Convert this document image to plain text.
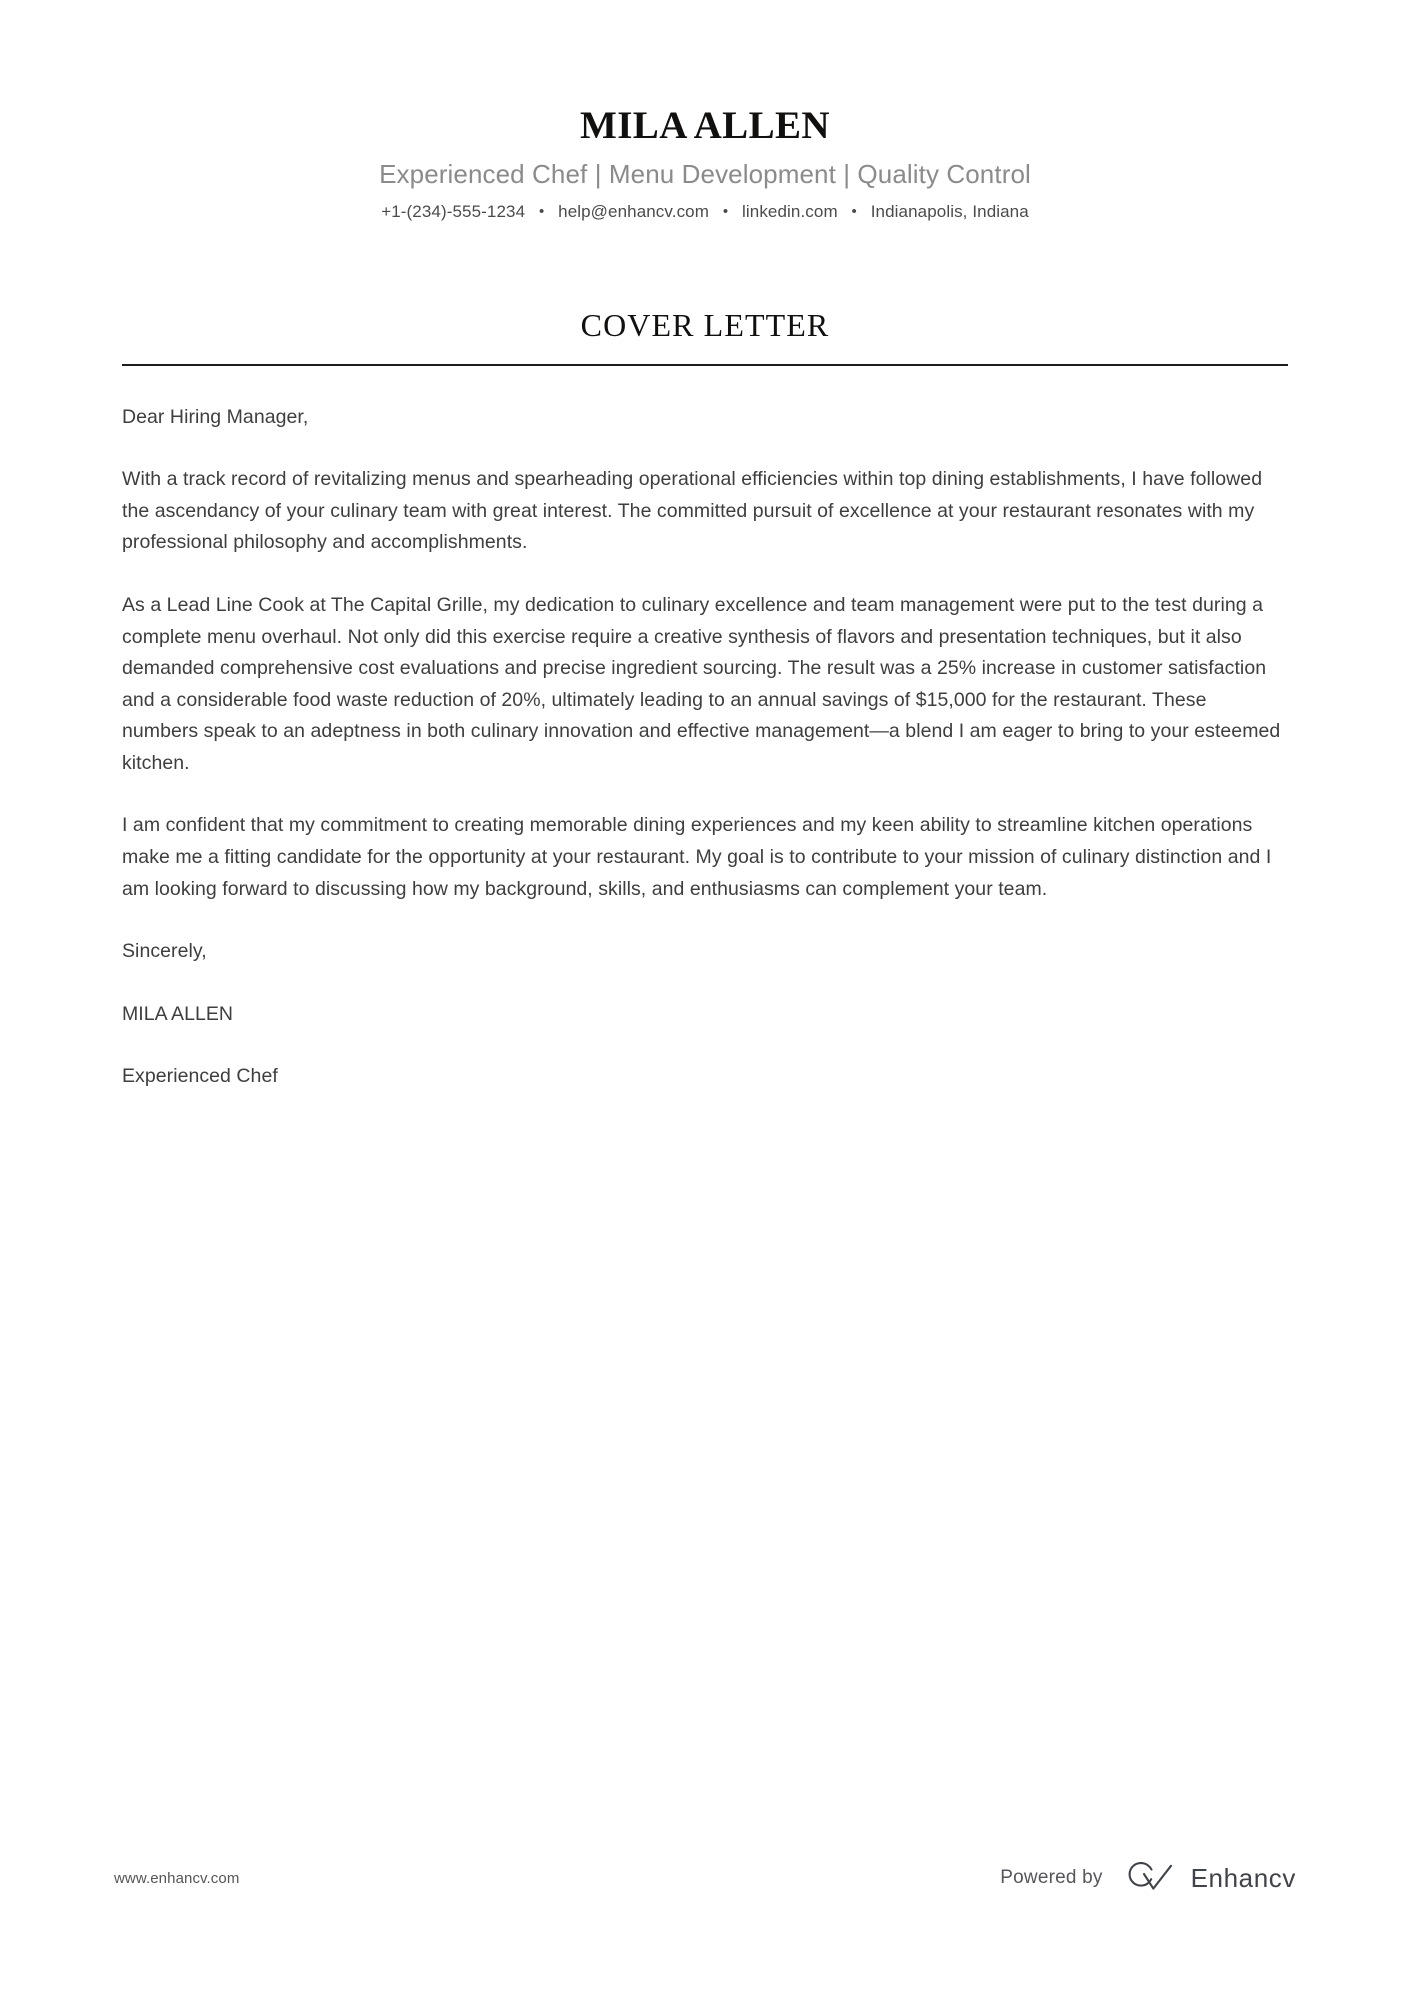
MILA ALLEN
Experienced Chef | Menu Development | Quality Control
+1-(234)-555-1234 • help@enhancv.com • linkedin.com • Indianapolis, Indiana
COVER LETTER

Dear Hiring Manager,

With a track record of revitalizing menus and spearheading operational efficiencies within top dining establishments, I have followed the ascendancy of your culinary team with great interest. The committed pursuit of excellence at your restaurant resonates with my professional philosophy and accomplishments.

As a Lead Line Cook at The Capital Grille, my dedication to culinary excellence and team management were put to the test during a complete menu overhaul. Not only did this exercise require a creative synthesis of flavors and presentation techniques, but it also demanded comprehensive cost evaluations and precise ingredient sourcing. The result was a 25% increase in customer satisfaction and a considerable food waste reduction of 20%, ultimately leading to an annual savings of $15,000 for the restaurant. These numbers speak to an adeptness in both culinary innovation and effective management—a blend I am eager to bring to your esteemed kitchen.

I am confident that my commitment to creating memorable dining experiences and my keen ability to streamline kitchen operations make me a fitting candidate for the opportunity at your restaurant. My goal is to contribute to your mission of culinary distinction and I am looking forward to discussing how my background, skills, and enthusiasms can complement your team.

Sincerely,

MILA ALLEN

Experienced Chef

www.enhancv.com	Powered by	Enhancv
